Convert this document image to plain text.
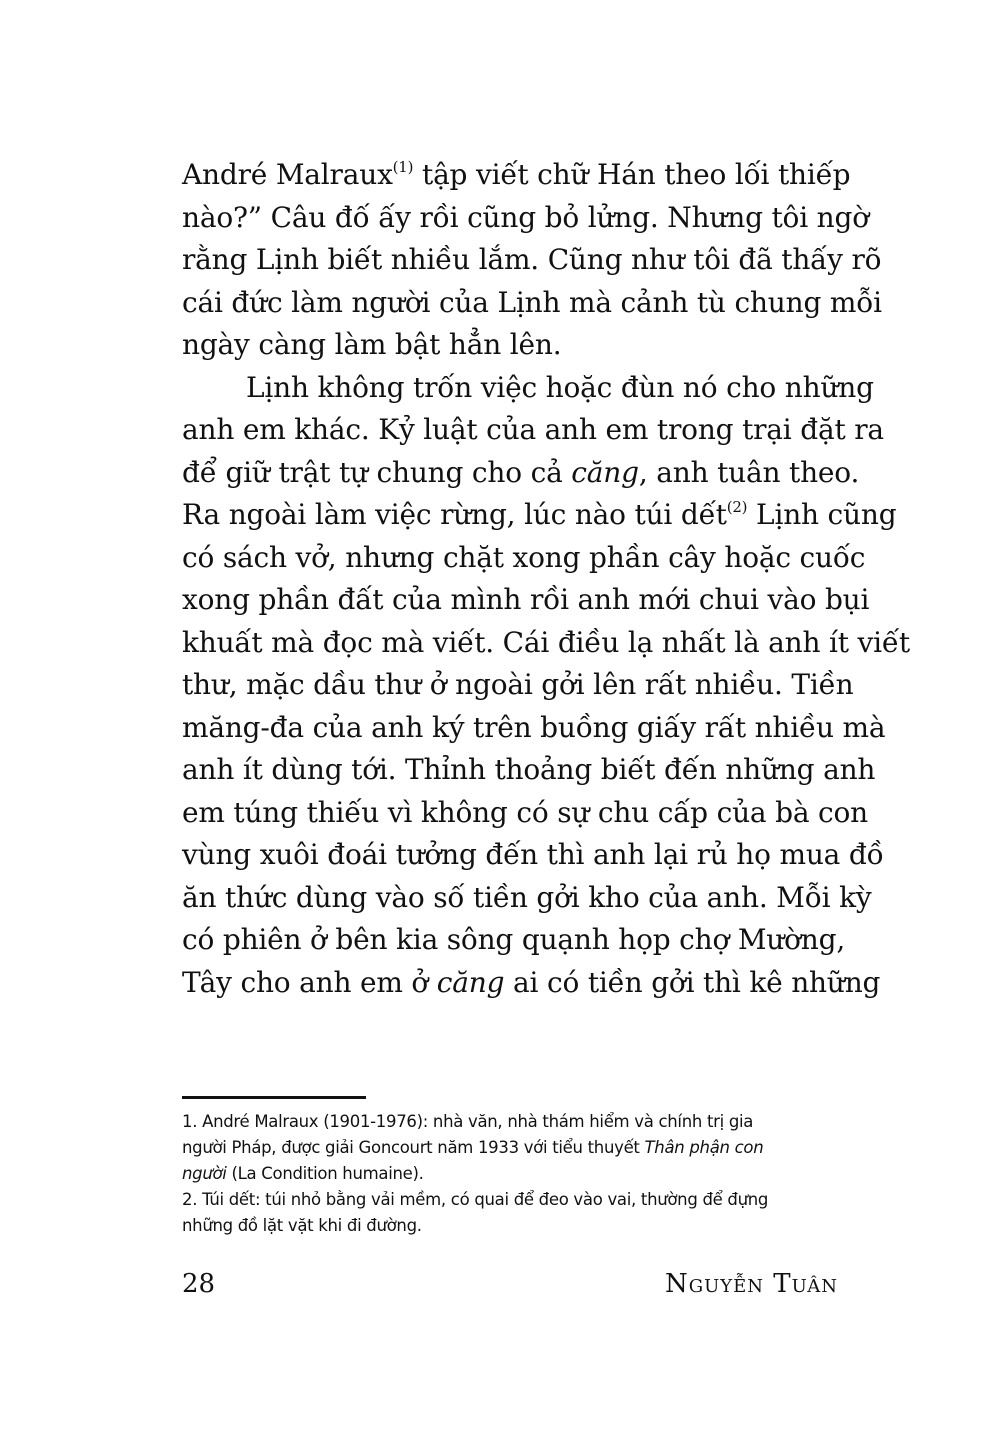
André Malraux$^{(1)}$ tập viết chữ Hán theo lối thiếp
nào?” Câu đố ấy rồi cũng bỏ lửng. Nhưng tôi ngờ
rằng Lịnh biết nhiều lắm. Cũng như tôi đã thấy rõ
cái đức làm người của Lịnh mà cảnh tù chung mỗi
ngày càng làm bật hẳn lên.
Lịnh không trốn việc hoặc đùn nó cho những
anh em khác. Kỷ luật của anh em trong trại đặt ra
để giữ trật tự chung cho cả căng, anh tuân theo.
Ra ngoài làm việc rừng, lúc nào túi dết$^{(2)}$ Lịnh cũng
có sách vở, nhưng chặt xong phần cây hoặc cuốc
xong phần đất của mình rồi anh mới chui vào bụi
khuất mà đọc mà viết. Cái điều lạ nhất là anh ít viết
thư, mặc dầu thư ở ngoài gởi lên rất nhiều. Tiền
măng-đa của anh ký trên buồng giấy rất nhiều mà
anh ít dùng tới. Thỉnh thoảng biết đến những anh
em túng thiếu vì không có sự chu cấp của bà con
vùng xuôi đoái tưởng đến thì anh lại rủ họ mua đồ
ăn thức dùng vào số tiền gởi kho của anh. Mỗi kỳ
có phiên ở bên kia sông quạnh họp chợ Mường,
Tây cho anh em ở căng ai có tiền gởi thì kê những
1. André Malraux (1901-1976): nhà văn, nhà thám hiểm và chính trị gia
người Pháp, được giải Goncourt năm 1933 với tiểu thuyết Thân phận con
người (La Condition humaine).
2. Túi dết: túi nhỏ bằng vải mềm, có quai để đeo vào vai, thường để đựng
những đồ lặt vặt khi đi đường.
28	Nguyễn Tuân
